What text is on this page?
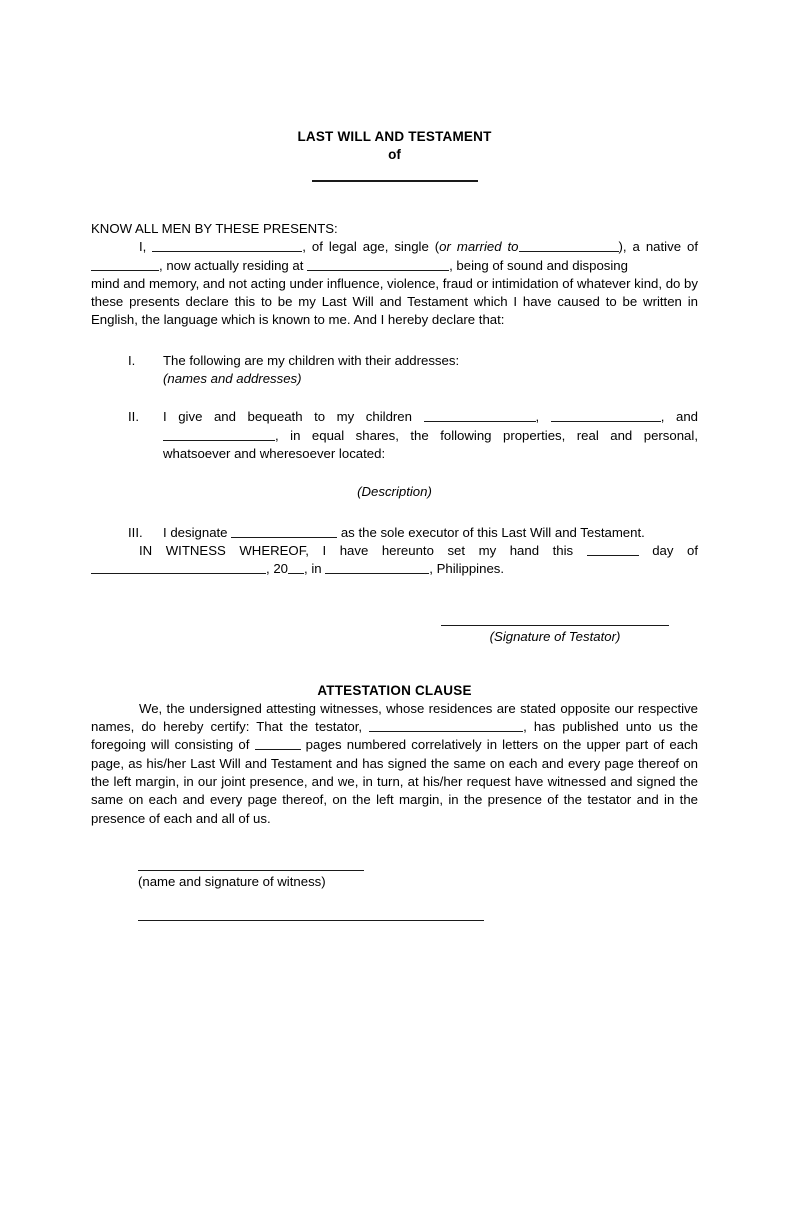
LAST WILL AND TESTAMENT
of
KNOW ALL MEN BY THESE PRESENTS:

I,	, of legal age, single (or married to	), a native of , now actually residing at	, being of sound and disposing

mind and memory, and not acting under influence, violence, fraud or intimidation of whatever kind, do by these presents declare this to be my Last Will and Testament which I have caused to be written in English, the language which is known to me. And I hereby declare that:

I.	The following are my children with their addresses:
(names and addresses)
II.	I give and bequeath to my children	,	, and , in equal shares, the following properties, real and personal, whatsoever and wheresoever located:
(Description)
III.	I designate	as the sole executor of this Last Will and Testament.

IN WITNESS WHEREOF, I have hereunto set my hand this	day of , 20 , in	, Philippines.

(Signature of Testator)
ATTESTATION CLAUSE

We, the undersigned attesting witnesses, whose residences are stated opposite our respective names, do hereby certify: That the testator,	, has published unto us the foregoing will consisting of	pages numbered correlatively in letters on the upper part of each page, as his/her Last Will and Testament and has signed the same on each and every page thereof on the left margin, in our joint presence, and we, in turn, at his/her request have witnessed and signed the same on each and every page thereof, on the left margin, in the presence of the testator and in the presence of each and all of us.

(name and signature of witness)
